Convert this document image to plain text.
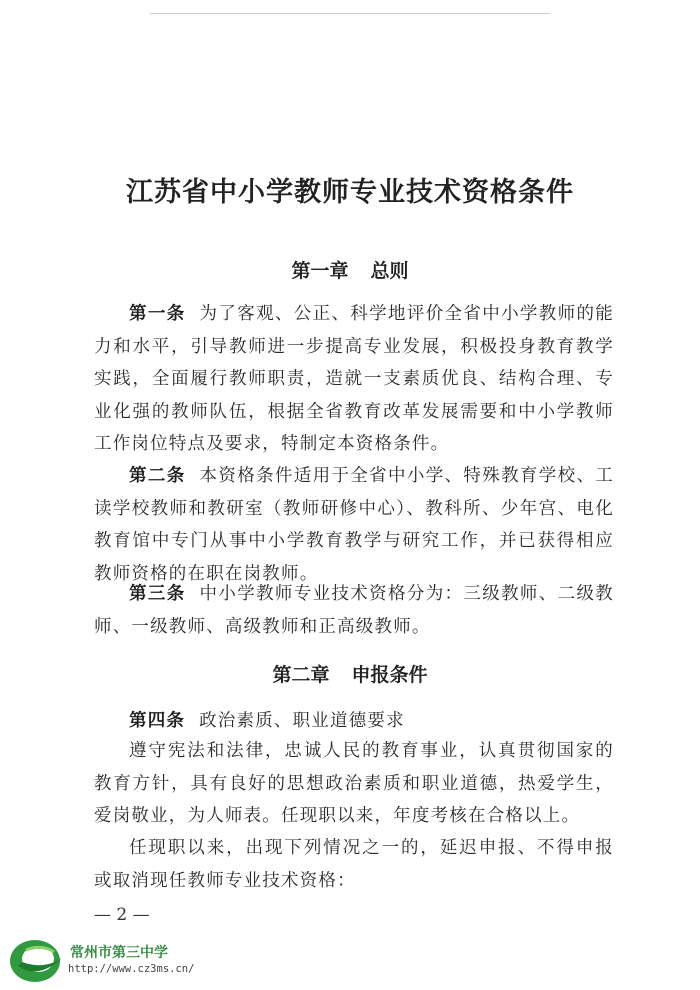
江苏省中小学教师专业技术资格条件
第一章 总则

第一条 为了客观、公正、科学地评价全省中小学教师的能力和水平，引导教师进一步提高专业发展，积极投身教育教学实践，全面履行教师职责，造就一支素质优良、结构合理、专业化强的教师队伍，根据全省教育改革发展需要和中小学教师工作岗位特点及要求，特制定本资格条件。

第二条 本资格条件适用于全省中小学、特殊教育学校、工读学校教师和教研室（教师研修中心）、教科所、少年宫、电化教育馆中专门从事中小学教育教学与研究工作，并已获得相应教师资格的在职在岗教师。

第三条 中小学教师专业技术资格分为：三级教师、二级教师、一级教师、高级教师和正高级教师。

第二章 申报条件

第四条 政治素质、职业道德要求

遵守宪法和法律，忠诚人民的教育事业，认真贯彻国家的教育方针，具有良好的思想政治素质和职业道德，热爱学生，爱岗敬业，为人师表。任现职以来，年度考核在合格以上。

任现职以来，出现下列情况之一的，延迟申报、不得申报或取消现任教师专业技术资格：

— 2 —

常州市第三中学
http://www.cz3ms.cn/
